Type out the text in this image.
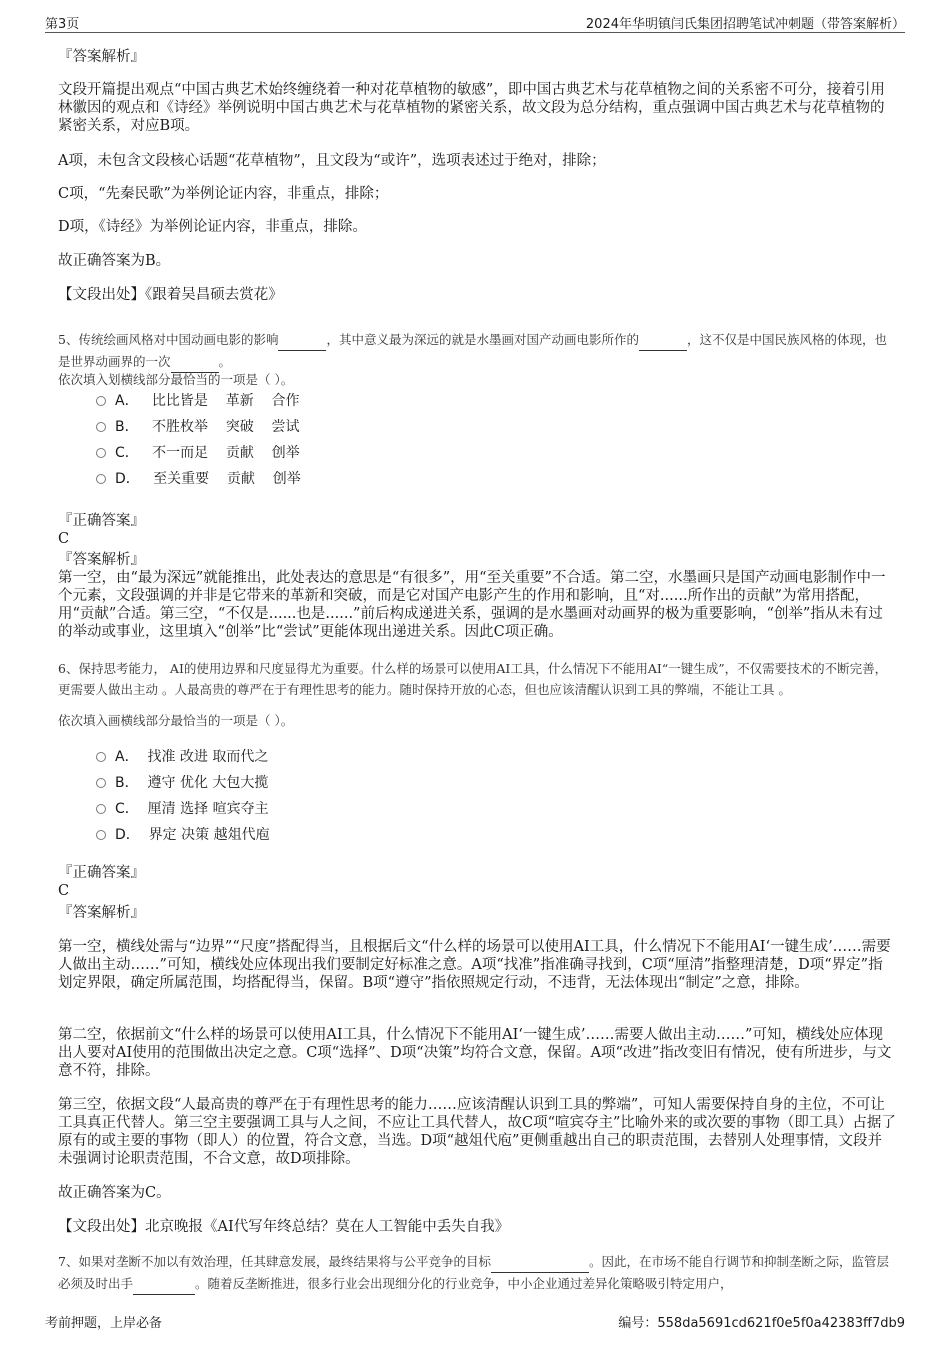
第3页	2024年华明镇闫氏集团招聘笔试冲刺题（带答案解析）
『答案解析』
文段开篇提出观点“中国古典艺术始终缠绕着一种对花草植物的敏感”，即中国古典艺术与花草植物之间的关系密不可分，接着引用林徽因的观点和《诗经》举例说明中国古典艺术与花草植物的紧密关系，故文段为总分结构，重点强调中国古典艺术与花草植物的紧密关系，对应B项。
A项，未包含文段核心话题“花草植物”，且文段为“或许”，选项表述过于绝对，排除；
C项，“先秦民歌”为举例论证内容，非重点，排除；
D项，《诗经》为举例论证内容，非重点，排除。
故正确答案为B。
【文段出处】《跟着吴昌硕去赏花》
5、传统绘画风格对中国动画电影的影响	，其中意义最为深远的就是水墨画对国产动画电影所作的	，这不仅是中国民族风格的体现，也是世界动画界的一次	。
依次填入划横线部分最恰当的一项是（ ）。
A．   比比皆是    革新    合作
B．   不胜枚举    突破    尝试
C．   不一而足    贡献    创举
D．   至关重要    贡献    创举
『正确答案』
C
『答案解析』
第一空，由“最为深远”就能推出，此处表达的意思是“有很多”，用“至关重要”不合适。第二空，水墨画只是国产动画电影制作中一个元素，文段强调的并非是它带来的革新和突破，而是它对国产电影产生的作用和影响，且“对......所作出的贡献”为常用搭配，用“贡献”合适。第三空，“不仅是......也是......”前后构成递进关系，强调的是水墨画对动画界的极为重要影响，“创举”指从未有过的举动或事业，这里填入“创举”比“尝试”更能体现出递进关系。因此C项正确。
6、保持思考能力， AI的使用边界和尺度显得尤为重要。什么样的场景可以使用AI工具，什么情况下不能用AI“一键生成”，不仅需要技术的不断完善，更需要人做出主动 。人最高贵的尊严在于有理性思考的能力。随时保持开放的心态，但也应该清醒认识到工具的弊端，不能让工具 。
依次填入画横线部分最恰当的一项是（ ）。
A．  找准 改进 取而代之
B．  遵守 优化 大包大揽
C．  厘清 选择 喧宾夺主
D．  界定 决策 越俎代庖
『正确答案』
C
『答案解析』
第一空，横线处需与“边界”“尺度”搭配得当，且根据后文“什么样的场景可以使用AI工具，什么情况下不能用AI‘一键生成’……需要人做出主动……”可知，横线处应体现出我们要制定好标准之意。A项“找准”指准确寻找到，C项“厘清”指整理清楚，D项“界定”指划定界限，确定所属范围，均搭配得当，保留。B项“遵守”指依照规定行动，不违背，无法体现出“制定”之意，排除。
第二空，依据前文“什么样的场景可以使用AI工具，什么情况下不能用AI‘一键生成’……需要人做出主动……”可知，横线处应体现出人要对AI使用的范围做出决定之意。C项“选择”、D项“决策”均符合文意，保留。A项“改进”指改变旧有情况，使有所进步，与文意不符，排除。
第三空，依据文段“人最高贵的尊严在于有理性思考的能力……应该清醒认识到工具的弊端”，可知人需要保持自身的主位，不可让工具真正代替人。第三空主要强调工具与人之间，不应让工具代替人，故C项“喧宾夺主”比喻外来的或次要的事物（即工具）占据了原有的或主要的事物（即人）的位置，符合文意，当选。D项“越俎代庖”更侧重越出自己的职责范围，去替别人处理事情，文段并未强调讨论职责范围，不合文意，故D项排除。
故正确答案为C。
【文段出处】北京晚报《AI代写年终总结？莫在人工智能中丢失自我》
7、如果对垄断不加以有效治理，任其肆意发展，最终结果将与公平竞争的目标	。因此，在市场不能自行调节和抑制垄断之际，监管层必须及时出手	。随着反垄断推进，很多行业会出现细分化的行业竞争，中小企业通过差异化策略吸引特定用户，
考前押题，上岸必备	编号：558da5691cd621f0e5f0a42383ff7db9
